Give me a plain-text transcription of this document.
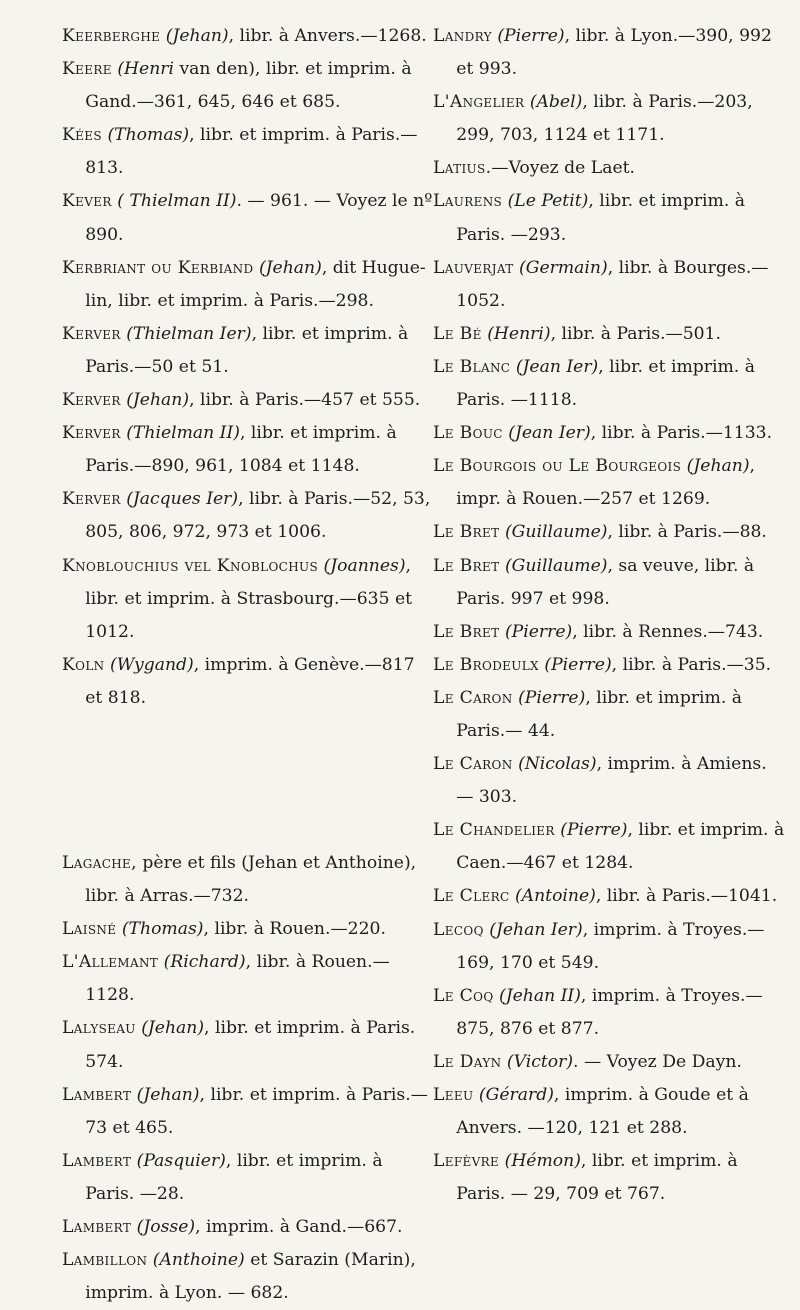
Keerberghe (Jehan), libr. à Anvers.—1268.

Keere (Henri van den), libr. et imprim. à Gand.—361, 645, 646 et 685.

Kées (Thomas), libr. et imprim. à Paris.— 813.

Kever ( Thielman II). — 961. — Voyez le nº 890.

Kerbriant ou Kerbiand (Jehan), dit Hugue-lin, libr. et imprim. à Paris.—298.

Kerver (Thielman Ier), libr. et imprim. à Paris.—50 et 51.

Kerver (Jehan), libr. à Paris.—457 et 555.

Kerver (Thielman II), libr. et imprim. à Paris.—890, 961, 1084 et 1148.

Kerver (Jacques Ier), libr. à Paris.—52, 53, 805, 806, 972, 973 et 1006.

Knoblouchius vel Knoblochus (Joannes), libr. et imprim. à Strasbourg.—635 et 1012.

Koln (Wygand), imprim. à Genève.—817 et 818.

Lagache, père et fils (Jehan et Anthoine), libr. à Arras.—732.

Laisné (Thomas), libr. à Rouen.—220.

L'Allemant (Richard), libr. à Rouen.—1128.

Lalyseau (Jehan), libr. et imprim. à Paris. 574.

Lambert (Jehan), libr. et imprim. à Paris.— 73 et 465.

Lambert (Pasquier), libr. et imprim. à Paris. —28.

Lambert (Josse), imprim. à Gand.—667.

Lambillon (Anthoine) et Sarazin (Marin), imprim. à Lyon. — 682.

Landry (Pierre), libr. à Lyon.—390, 992 et 993.

L'Angelier (Abel), libr. à Paris.—203, 299, 703, 1124 et 1171.

Latius.—Voyez de Laet.

Laurens (Le Petit), libr. et imprim. à Paris. —293.

Lauverjat (Germain), libr. à Bourges.—1052.

Le Bé (Henri), libr. à Paris.—501.

Le Blanc (Jean Ier), libr. et imprim. à Paris. —1118.

Le Bouc (Jean Ier), libr. à Paris.—1133.

Le Bourgois ou Le Bourgeois (Jehan), impr. à Rouen.—257 et 1269.

Le Bret (Guillaume), libr. à Paris.—88.

Le Bret (Guillaume), sa veuve, libr. à Paris. 997 et 998.

Le Bret (Pierre), libr. à Rennes.—743.

Le Brodeulx (Pierre), libr. à Paris.—35.

Le Caron (Pierre), libr. et imprim. à Paris.— 44.

Le Caron (Nicolas), imprim. à Amiens. — 303.

Le Chandelier (Pierre), libr. et imprim. à Caen.—467 et 1284.

Le Clerc (Antoine), libr. à Paris.—1041.

Lecoq (Jehan Ier), imprim. à Troyes.—169, 170 et 549.

Le Coq (Jehan II), imprim. à Troyes.—875, 876 et 877.

Le Dayn (Victor). — Voyez De Dayn.

Leeu (Gérard), imprim. à Goude et à Anvers. —120, 121 et 288.

Lefèvre (Hémon), libr. et imprim. à Paris. — 29, 709 et 767.
